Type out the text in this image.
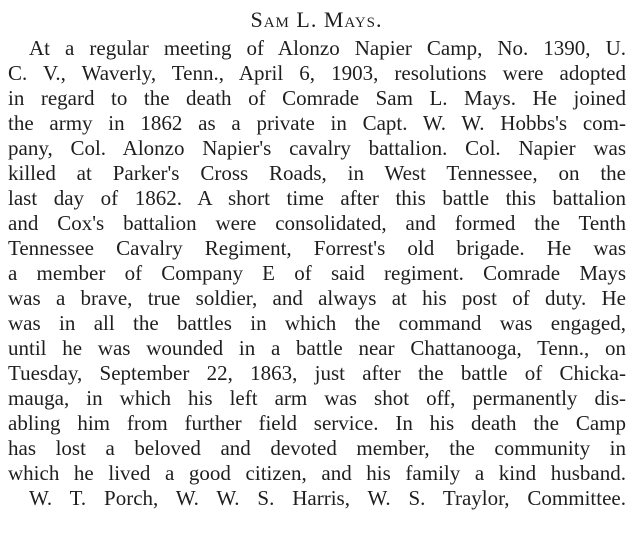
Sam L. Mays.
At a regular meeting of Alonzo Napier Camp, No. 1390, U.
C. V., Waverly, Tenn., April 6, 1903, resolutions were adopted
in regard to the death of Comrade Sam L. Mays. He joined
the army in 1862 as a private in Capt. W. W. Hobbs's com-
pany, Col. Alonzo Napier's cavalry battalion. Col. Napier was
killed at Parker's Cross Roads, in West Tennessee, on the
last day of 1862. A short time after this battle this battalion
and Cox's battalion were consolidated, and formed the Tenth
Tennessee Cavalry Regiment, Forrest's old brigade. He was
a member of Company E of said regiment. Comrade Mays
was a brave, true soldier, and always at his post of duty. He
was in all the battles in which the command was engaged,
until he was wounded in a battle near Chattanooga, Tenn., on
Tuesday, September 22, 1863, just after the battle of Chicka-
mauga, in which his left arm was shot off, permanently dis-
abling him from further field service. In his death the Camp
has lost a beloved and devoted member, the community in
which he lived a good citizen, and his family a kind husband.
W. T. Porch, W. W. S. Harris, W. S. Traylor, Committee.
